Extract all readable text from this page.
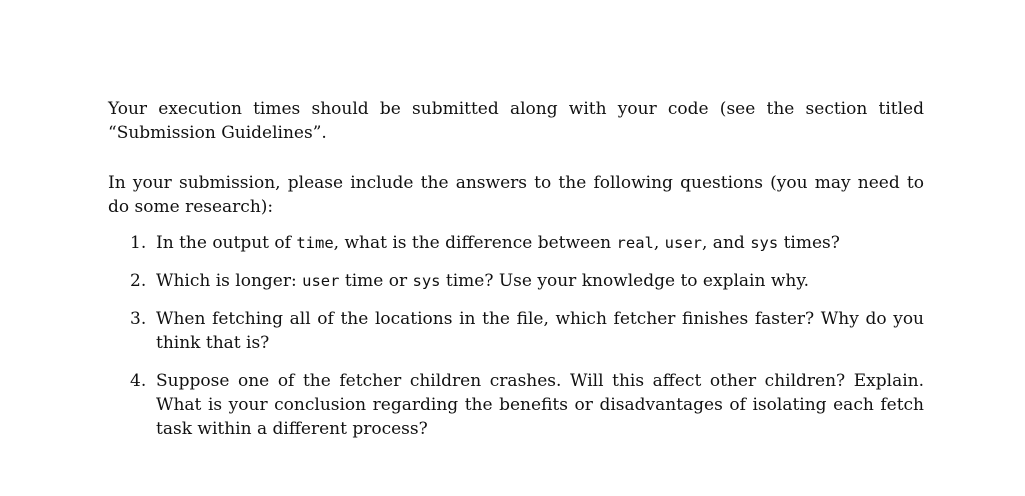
Your execution times should be submitted along with your code (see the section titled “Submission Guidelines”.

In your submission, please include the answers to the following questions (you may need to do some research):

1. In the output of time, what is the difference between real, user, and sys times?
2. Which is longer: user time or sys time? Use your knowledge to explain why.
3. When fetching all of the locations in the file, which fetcher finishes faster? Why do you think that is?
4. Suppose one of the fetcher children crashes. Will this affect other children? Explain. What is your conclusion regarding the benefits or disadvantages of isolating each fetch task within a different process?
